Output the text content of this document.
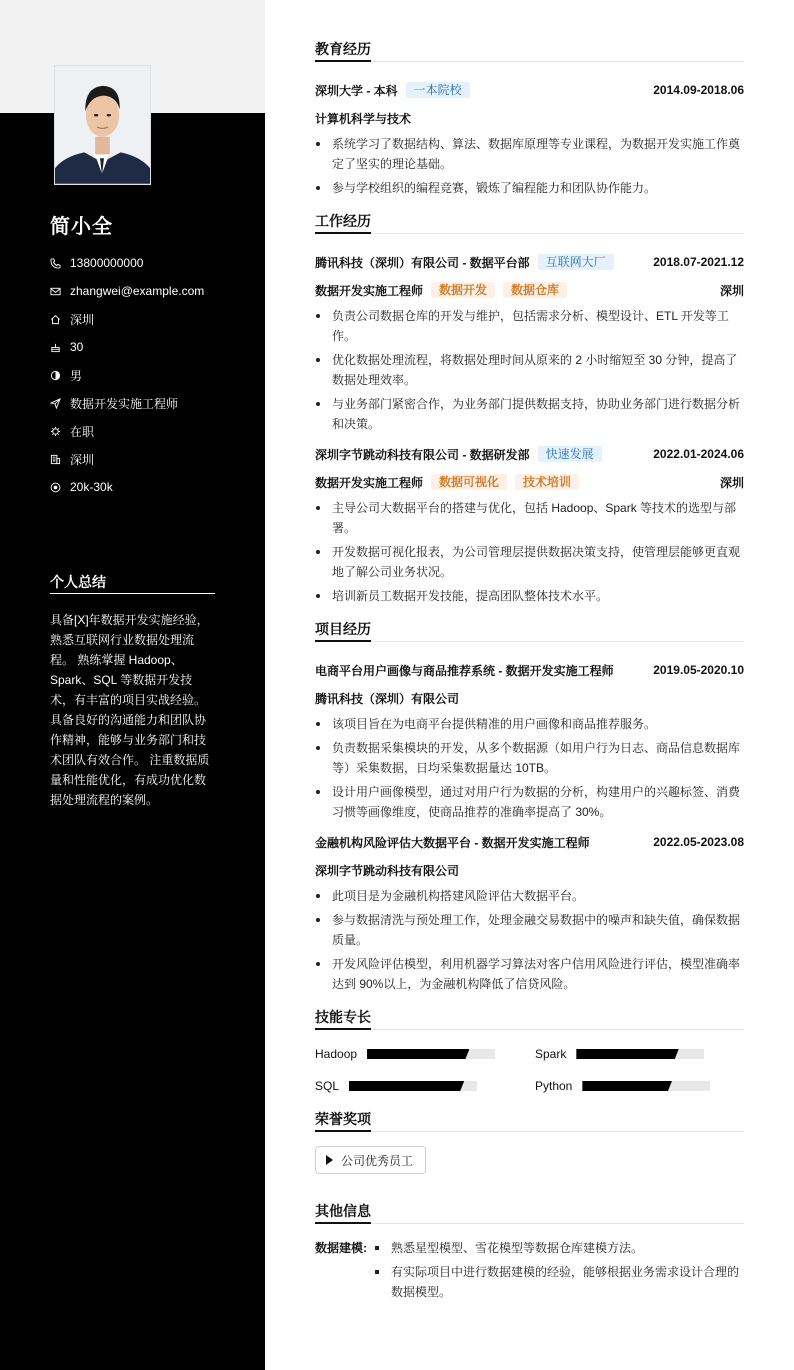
简小全
13800000000
zhangwei@example.com
深圳
30
男
数据开发实施工程师
在职
深圳
20k-30k
个人总结
具备[X]年数据开发实施经验，熟悉互联网行业数据处理流程。 熟练掌握 Hadoop、Spark、SQL 等数据开发技术，有丰富的项目实战经验。 具备良好的沟通能力和团队协作精神，能够与业务部门和技术团队有效合作。 注重数据质量和性能优化，有成功优化数据处理流程的案例。
教育经历
深圳大学 - 本科	一本院校	2014.09-2018.06
计算机科学与技术
系统学习了数据结构、算法、数据库原理等专业课程，为数据开发实施工作奠定了坚实的理论基础。
参与学校组织的编程竞赛，锻炼了编程能力和团队协作能力。
工作经历
腾讯科技（深圳）有限公司 - 数据平台部	互联网大厂	2018.07-2021.12
数据开发实施工程师	数据开发	数据仓库	深圳
负责公司数据仓库的开发与维护，包括需求分析、模型设计、ETL 开发等工作。
优化数据处理流程，将数据处理时间从原来的 2 小时缩短至 30 分钟，提高了数据处理效率。
与业务部门紧密合作，为业务部门提供数据支持，协助业务部门进行数据分析和决策。
深圳字节跳动科技有限公司 - 数据研发部	快速发展	2022.01-2024.06
数据开发实施工程师	数据可视化	技术培训	深圳
主导公司大数据平台的搭建与优化，包括 Hadoop、Spark 等技术的选型与部署。
开发数据可视化报表，为公司管理层提供数据决策支持，使管理层能够更直观地了解公司业务状况。
培训新员工数据开发技能，提高团队整体技术水平。
项目经历
电商平台用户画像与商品推荐系统 - 数据开发实施工程师	2019.05-2020.10
腾讯科技（深圳）有限公司
该项目旨在为电商平台提供精准的用户画像和商品推荐服务。
负责数据采集模块的开发，从多个数据源（如用户行为日志、商品信息数据库等）采集数据，日均采集数据量达 10TB。
设计用户画像模型，通过对用户行为数据的分析，构建用户的兴趣标签、消费习惯等画像维度，使商品推荐的准确率提高了 30%。
金融机构风险评估大数据平台 - 数据开发实施工程师	2022.05-2023.08
深圳字节跳动科技有限公司
此项目是为金融机构搭建风险评估大数据平台。
参与数据清洗与预处理工作，处理金融交易数据中的噪声和缺失值，确保数据质量。
开发风险评估模型，利用机器学习算法对客户信用风险进行评估，模型准确率达到 90%以上，为金融机构降低了信贷风险。
技能专长
Hadoop	Spark
SQL	Python
荣誉奖项
公司优秀员工
其他信息
数据建模:	熟悉星型模型、雪花模型等数据仓库建模方法。
有实际项目中进行数据建模的经验，能够根据业务需求设计合理的数据模型。
